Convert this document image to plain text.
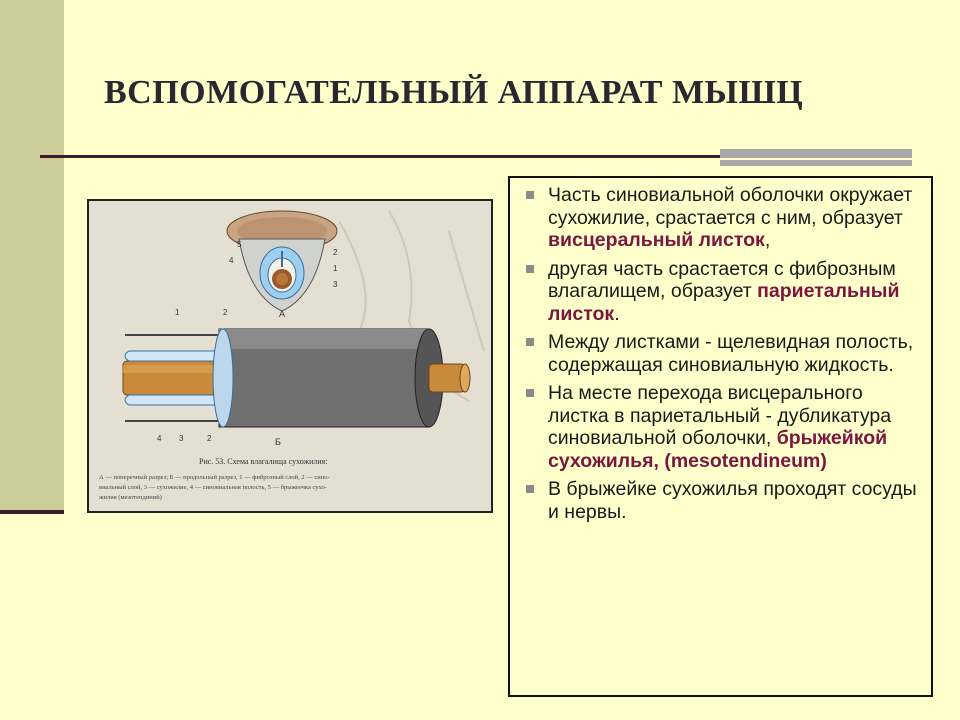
ВСПОМОГАТЕЛЬНЫЙ АППАРАТ МЫШЦ
5
4
2
1
3
А
1	2
4 3	2	Б
Рис. 53. Схема влагалища сухожилия:
А — поперечный разрез; Б — продольный разрез, 1 — фиброзный слой, 2 — сино-
виальный слой, 3 — сухожилие, 4 — синовиальная полость, 5 — брыжеечка сухо-
жилия (мезотендиний)
Часть синовиальной оболочки окружает сухожилие, срастается с ним, образует висцеральный листок,
другая часть срастается с фиброзным влагалищем, образует париетальный листок.
Между листками - щелевидная полость, содержащая синовиальную жидкость.
На месте перехода висцерального листка в париетальный - дубликатура синовиальной оболочки, брыжейкой сухожилья, (mesotendineum)
В брыжейке сухожилья проходят сосуды и нервы.
